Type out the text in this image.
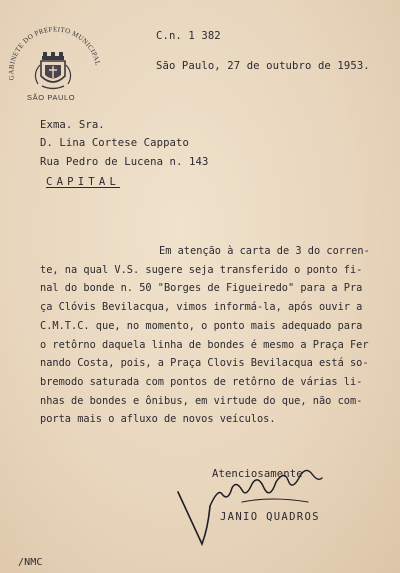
GABINETE DO PREFEITO MUNICIPAL
SÃO PAULO
C.n. 1 382
São Paulo, 27 de outubro de 1953.
Exma. Sra.
D. Lina Cortese Cappato
Rua Pedro de Lucena n. 143
CAPITAL
Em atenção à carta de 3 do corren-
te, na qual V.S. sugere seja transferido o ponto fi-
nal do bonde n. 50 "Borges de Figueiredo" para a Pra
ça Clóvis Bevilacqua, vimos informá-la, após ouvir a
C.M.T.C. que, no momento, o ponto mais adequado para
o retôrno daquela linha de bondes é mesmo a Praça Fer
nando Costa, pois, a Praça Clovis Bevilacqua está so-
bremodo saturada com pontos de retôrno de várias li-
nhas de bondes e ônibus, em virtude do que, não com-
porta mais o afluxo de novos veículos.
Atenciosamente
JANIO QUADROS
/NMC
